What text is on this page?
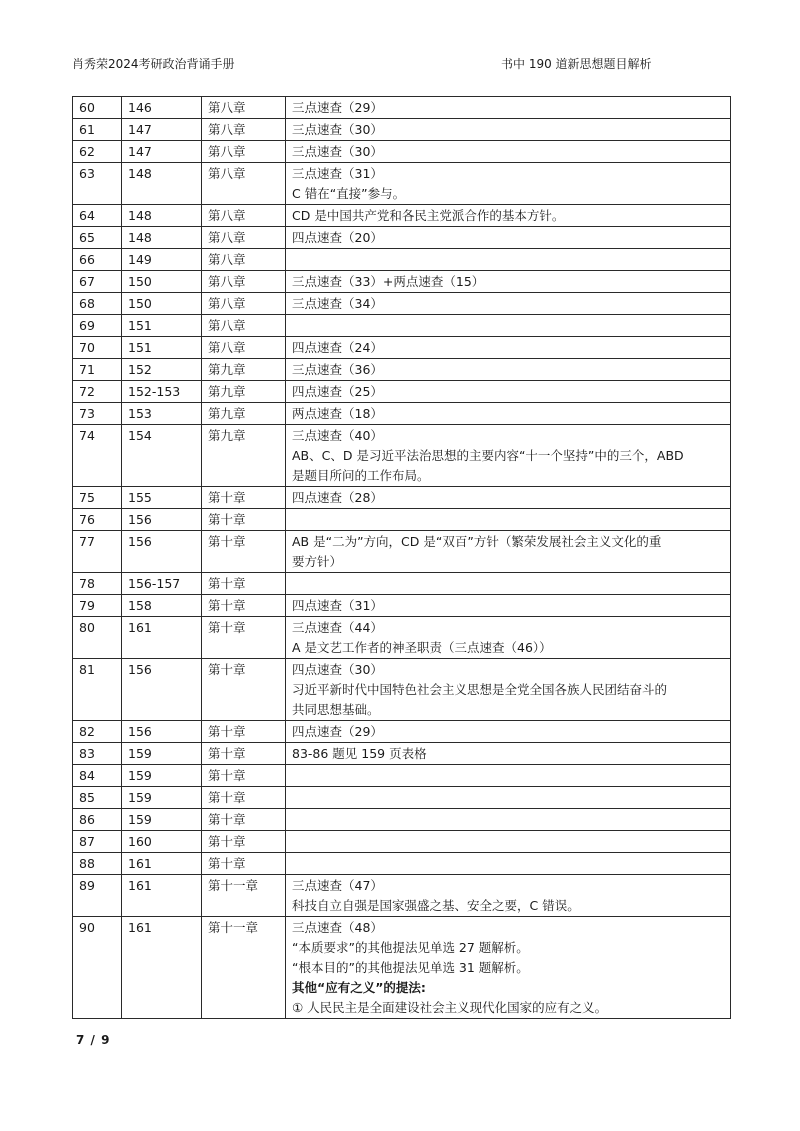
肖秀荣2024考研政治背诵手册	书中 190 道新思想题目解析
60	146	第八章	三点速查（29）

61	147	第八章	三点速查（30）

62	147	第八章	三点速查（30）

63	148	第八章	三点速查（31）
C 错在“直接”参与。

64	148	第八章	CD 是中国共产党和各民主党派合作的基本方针。

65	148	第八章	四点速查（20）

66	149	第八章	
67	150	第八章	三点速查（33）+两点速查（15）

68	150	第八章	三点速查（34）

69	151	第八章	
70	151	第八章	四点速查（24）

71	152	第九章	三点速查（36）

72	152-153	第九章	四点速查（25）

73	153	第九章	两点速查（18）

74	154	第九章	三点速查（40）
AB、C、D 是习近平法治思想的主要内容“十一个坚持”中的三个，ABD
是题目所问的工作布局。

75	155	第十章	四点速查（28）

76	156	第十章	
77	156	第十章	AB 是“二为”方向，CD 是“双百”方针（繁荣发展社会主义文化的重
要方针）

78	156-157	第十章	
79	158	第十章	四点速查（31）

80	161	第十章	三点速查（44）
A 是文艺工作者的神圣职责（三点速查（46））

81	156	第十章	四点速查（30）
习近平新时代中国特色社会主义思想是全党全国各族人民团结奋斗的
共同思想基础。

82	156	第十章	四点速查（29）

83	159	第十章	83-86 题见 159 页表格

84	159	第十章	
85	159	第十章	
86	159	第十章	
87	160	第十章	
88	161	第十章	
89	161	第十一章	三点速查（47）
科技自立自强是国家强盛之基、安全之要，C 错误。

90	161	第十一章	三点速查（48）
“本质要求”的其他提法见单选 27 题解析。
“根本目的”的其他提法见单选 31 题解析。
其他“应有之义”的提法:
① 人民民主是全面建设社会主义现代化国家的应有之义。
7 / 9
